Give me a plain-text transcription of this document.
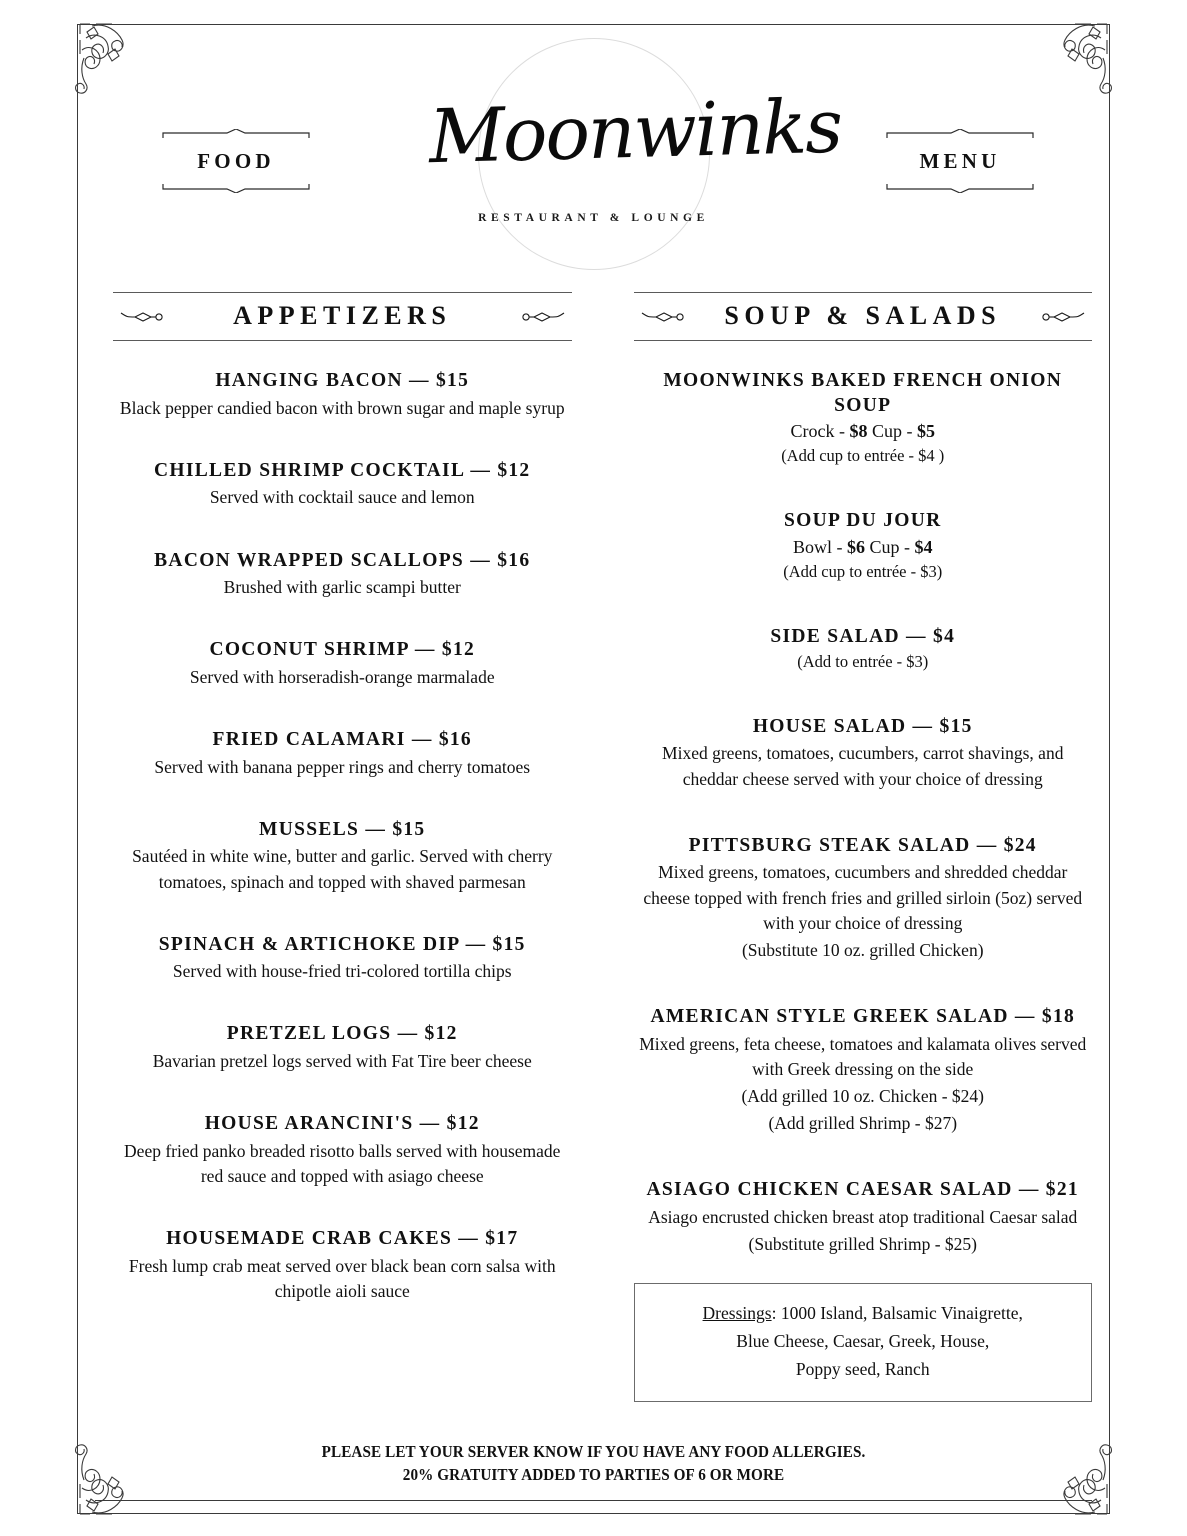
FOOD	Moonwinks
RESTAURANT & LOUNGE
MENU
APPETIZERS
HANGING BACON — $15
Black pepper candied bacon with brown sugar and maple syrup
CHILLED SHRIMP COCKTAIL — $12
Served with cocktail sauce and lemon
BACON WRAPPED SCALLOPS — $16
Brushed with garlic scampi butter
COCONUT SHRIMP — $12
Served with horseradish-orange marmalade
FRIED CALAMARI — $16
Served with banana pepper rings and cherry tomatoes
MUSSELS — $15
Sautéed in white wine, butter and garlic. Served with cherry tomatoes, spinach and topped with shaved parmesan
SPINACH & ARTICHOKE DIP — $15
Served with house-fried tri-colored tortilla chips
PRETZEL LOGS — $12
Bavarian pretzel logs served with Fat Tire beer cheese
HOUSE ARANCINI'S — $12
Deep fried panko breaded risotto balls served with housemade red sauce and topped with asiago cheese
HOUSEMADE CRAB CAKES — $17
Fresh lump crab meat served over black bean corn salsa with chipotle aioli sauce
SOUP & SALADS
MOONWINKS BAKED FRENCH ONION SOUP
Crock - $8 Cup - $5
(Add cup to entrée - $4 )
SOUP DU JOUR
Bowl - $6 Cup - $4
(Add cup to entrée - $3)
SIDE SALAD — $4
(Add to entrée - $3)
HOUSE SALAD — $15
Mixed greens, tomatoes, cucumbers, carrot shavings, and cheddar cheese served with your choice of dressing
PITTSBURG STEAK SALAD — $24
Mixed greens, tomatoes, cucumbers and shredded cheddar cheese topped with french fries and grilled sirloin (5oz) served with your choice of dressing
(Substitute 10 oz. grilled Chicken)
AMERICAN STYLE GREEK SALAD — $18
Mixed greens, feta cheese, tomatoes and kalamata olives served with Greek dressing on the side
(Add grilled 10 oz. Chicken - $24)
(Add grilled Shrimp - $27)
ASIAGO CHICKEN CAESAR SALAD — $21
Asiago encrusted chicken breast atop traditional Caesar salad
(Substitute grilled Shrimp - $25)
Dressings: 1000 Island, Balsamic Vinaigrette,
Blue Cheese, Caesar, Greek, House,
Poppy seed, Ranch
PLEASE LET YOUR SERVER KNOW IF YOU HAVE ANY FOOD ALLERGIES.
20% GRATUITY ADDED TO PARTIES OF 6 OR MORE
